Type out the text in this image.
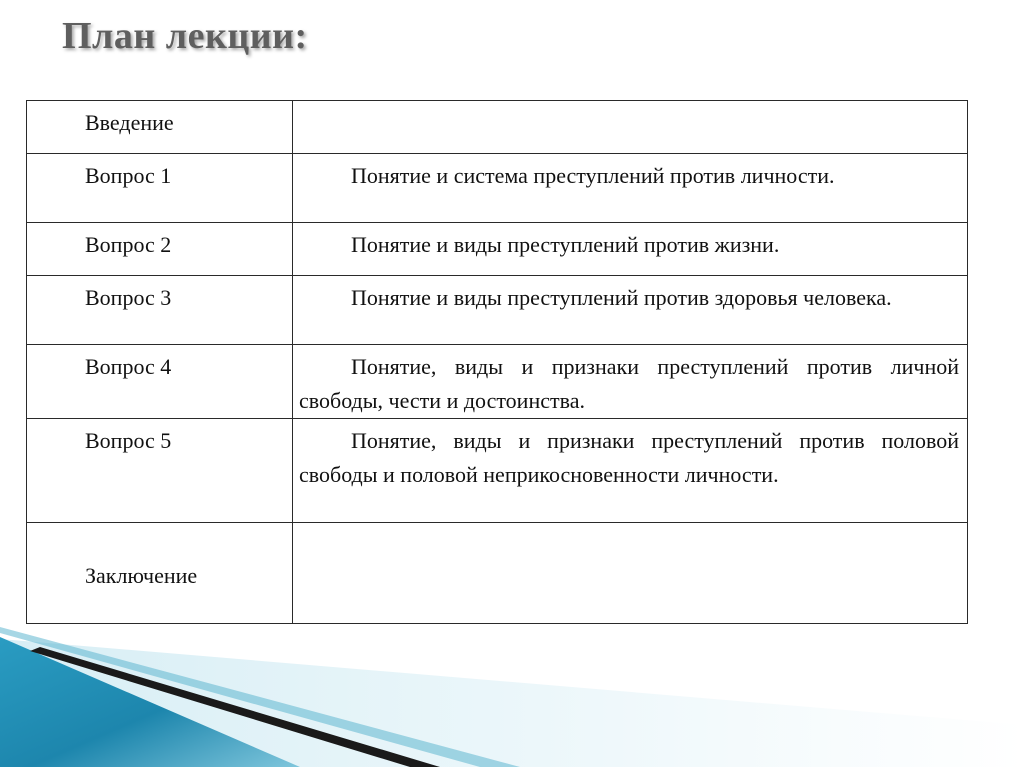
План лекции:
Введение	

Вопрос 1	Понятие и система преступлений против личности.

Вопрос 2	Понятие и виды преступлений против жизни.

Вопрос 3	Понятие и виды преступлений против здоровья человека.

Вопрос 4	Понятие, виды и признаки преступлений против личной свободы, чести и достоинства.

Вопрос 5	Понятие, виды и признаки преступлений против половой свободы и половой неприкосновенности личности.

Заключение	
